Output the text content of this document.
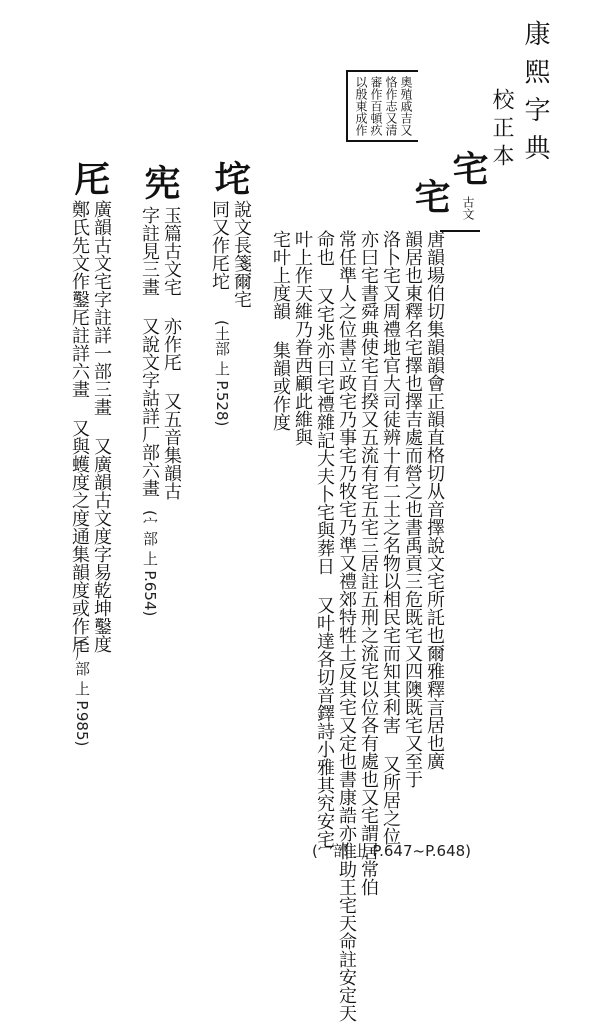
康熙字典
校正本
奧殖戚吉又
恪作志又清
審作百頓疚
以殷東成作
宅
宅 古文
唐韻場伯切集韻韻會正韻直格切从音擇說文宅所託也爾雅釋言居也廣
韻居也東釋名宅擇也擇吉處而營之也書禹貢三危既宅又四隩既宅又至于
洛卜宅又周禮地官大司徒辨十有二土之名物以相民宅而知其利害 又所居之位
亦曰宅書舜典使宅百揆又五流有宅五宅三居註五刑之流宅以位各有處也又宅謂居常伯
常任準人之位書立政宅乃事宅乃牧宅乃準又禮郊特牲土反其宅又定也書康誥亦惟助王宅天命註安定天
命也 又宅兆亦曰宅禮雜記大夫卜宅與葬日 又叶達各切音鐸詩小雅其究安宅
叶上作天維乃眷西顧此維與
宅叶上度韻 集韻或作度
垞
說文長箋爾宅
同又作厇坨
(土部 上 P.528)
宪
玉篇古文宅 亦作厇 又五音集韻古
字註見三畫 又說文字詁詳厂部六畫
(宀部 上 P.654)
厇
廣韻古文宅字註詳一部三畫 又廣韻古文度字易乾坤鑿度
鄭氏先文作鑿厇註詳六畫 又與蠖度之度通集韻度或作厇
(厂部 上 P.985)
(宀部 上 P.647~P.648)
